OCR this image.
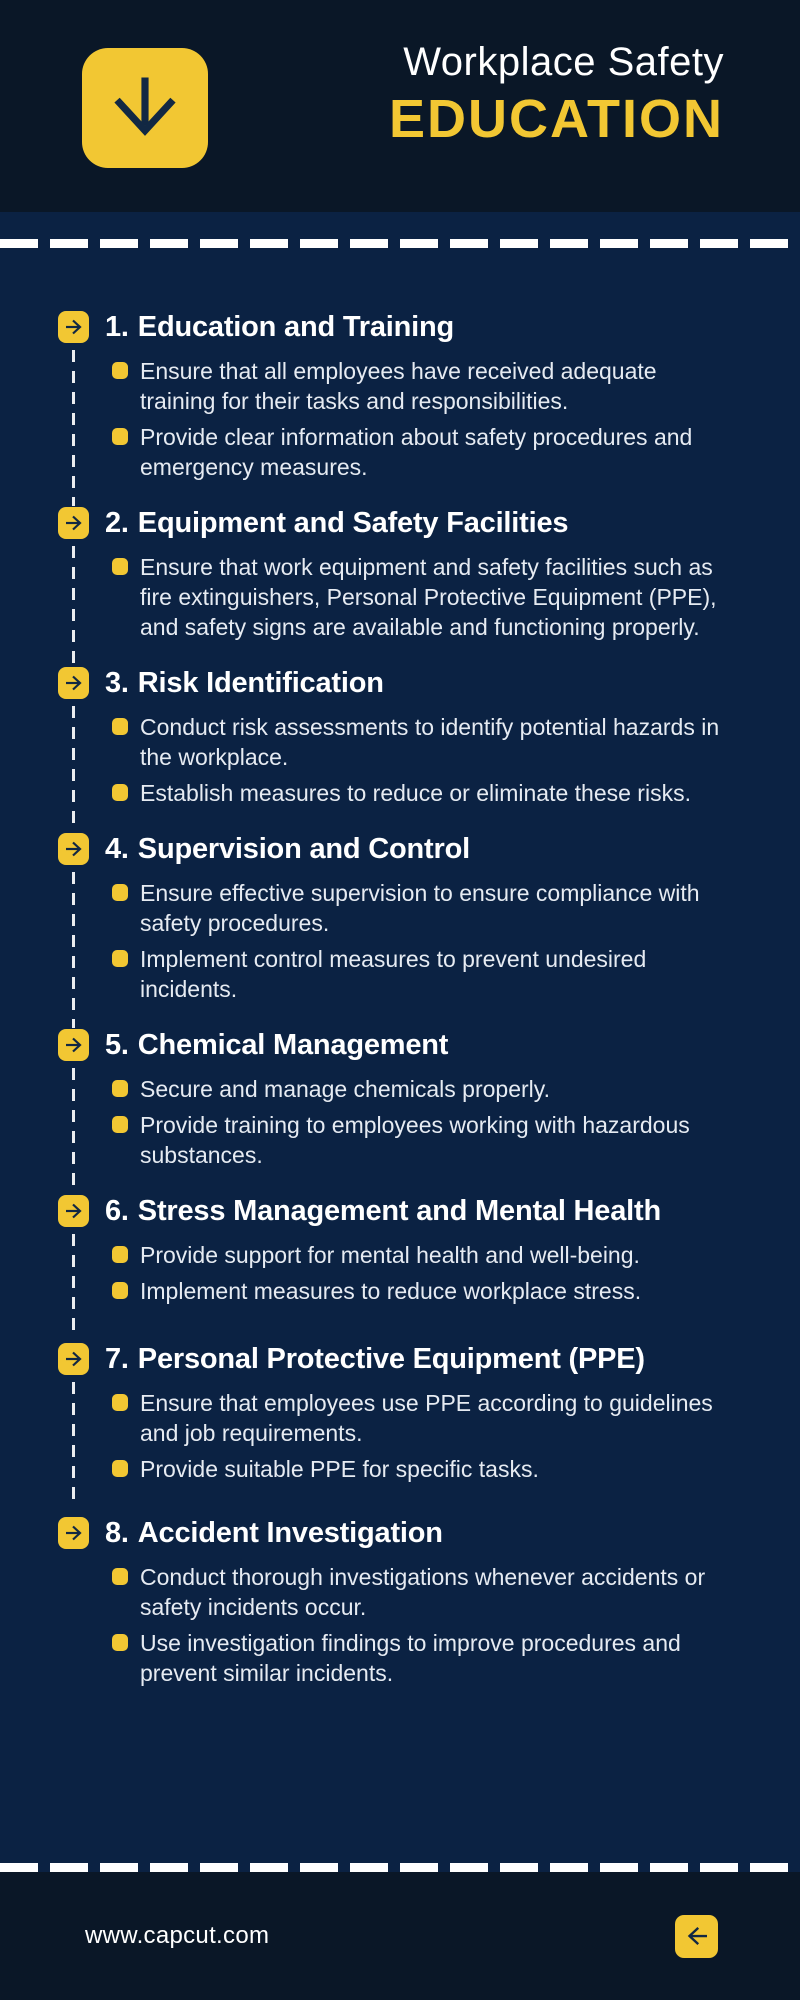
Workplace Safety
EDUCATION
1. Education and Training

Ensure that all employees have received adequate training for their tasks and responsibilities.

Provide clear information about safety procedures and emergency measures.

2. Equipment and Safety Facilities

Ensure that work equipment and safety facilities such as fire extinguishers, Personal Protective Equipment (PPE), and safety signs are available and functioning properly.

3. Risk Identification

Conduct risk assessments to identify potential hazards in the workplace.

Establish measures to reduce or eliminate these risks.

4. Supervision and Control

Ensure effective supervision to ensure compliance with safety procedures.

Implement control measures to prevent undesired incidents.

5. Chemical Management

Secure and manage chemicals properly.

Provide training to employees working with hazardous substances.

6. Stress Management and Mental Health

Provide support for mental health and well-being.

Implement measures to reduce workplace stress.

7. Personal Protective Equipment (PPE)

Ensure that employees use PPE according to guidelines and job requirements.

Provide suitable PPE for specific tasks.

8. Accident Investigation

Conduct thorough investigations whenever accidents or safety incidents occur.

Use investigation findings to improve procedures and prevent similar incidents.

www.capcut.com
